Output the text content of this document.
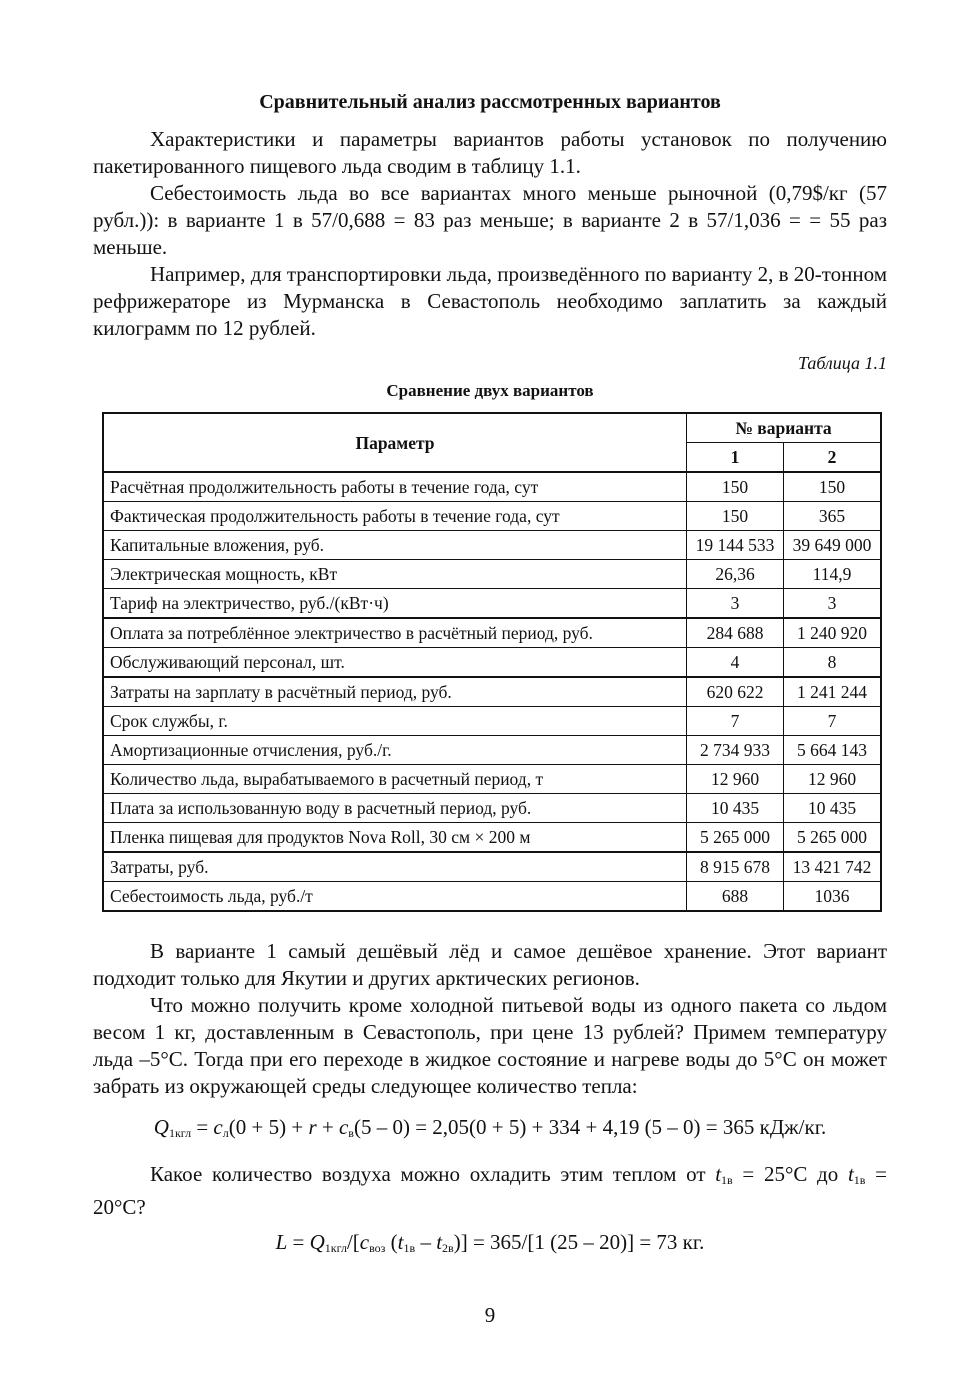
Сравнительный анализ рассмотренных вариантов

Характеристики и параметры вариантов работы установок по получению пакетированного пищевого льда сводим в таблицу 1.1.

Себестоимость льда во все вариантах много меньше рыночной (0,79$/кг (57 рубл.)): в варианте 1 в 57/0,688 = 83 раз меньше; в варианте 2 в 57/1,036 = = 55 раз меньше.

Например, для транспортировки льда, произведённого по варианту 2, в 20-тонном рефрижераторе из Мурманска в Севастополь необходимо заплатить за каждый килограмм по 12 рублей.

Таблица 1.1
Сравнение двух вариантов
Параметр	№ варианта	
	1	2
Расчётная продолжительность работы в течение года, сут	150	150
Фактическая продолжительность работы в течение года, сут	150	365
Капитальные вложения, руб.	19 144 533	39 649 000
Электрическая мощность, кВт	26,36	114,9
Тариф на электричество, руб./(кВт·ч)	3	3
Оплата за потреблённое электричество в расчётный период, руб.	284 688	1 240 920
Обслуживающий персонал, шт.	4	8
Затраты на зарплату в расчётный период, руб.	620 622	1 241 244
Срок службы, г.	7	7
Амортизационные отчисления, руб./г.	2 734 933	5 664 143
Количество льда, вырабатываемого в расчетный период, т	12 960	12 960
Плата за использованную воду в расчетный период, руб.	10 435	10 435
Пленка пищевая для продуктов Nova Roll, 30 см × 200 м	5 265 000	5 265 000
Затраты, руб.	8 915 678	13 421 742
Себестоимость льда, руб./т	688	1036

В варианте 1 самый дешёвый лёд и самое дешёвое хранение. Этот вариант подходит только для Якутии и других арктических регионов.

Что можно получить кроме холодной питьевой воды из одного пакета со льдом весом 1 кг, доставленным в Севастополь, при цене 13 рублей? Примем температуру льда –5°С. Тогда при его переходе в жидкое состояние и нагреве воды до 5°С он может забрать из окружающей среды следующее количество тепла:

$Q_{1кгл} = c_л(0 + 5) + r + c_в(5 - 0) = 2,05(0 + 5) + 334 + 4,19$ (5 – 0) = 365 кДж/кг.

Какое количество воздуха можно охладить этим теплом от $t_{1в} = 25^\circ С$ до $t_{1в} = 20^\circ С$?

$L = Q_{1кгл}/[c_{воз}$ $(t_{1в} - t_{2в})] = 365/[1$ (25 – 20)] = 73 кг.
9
